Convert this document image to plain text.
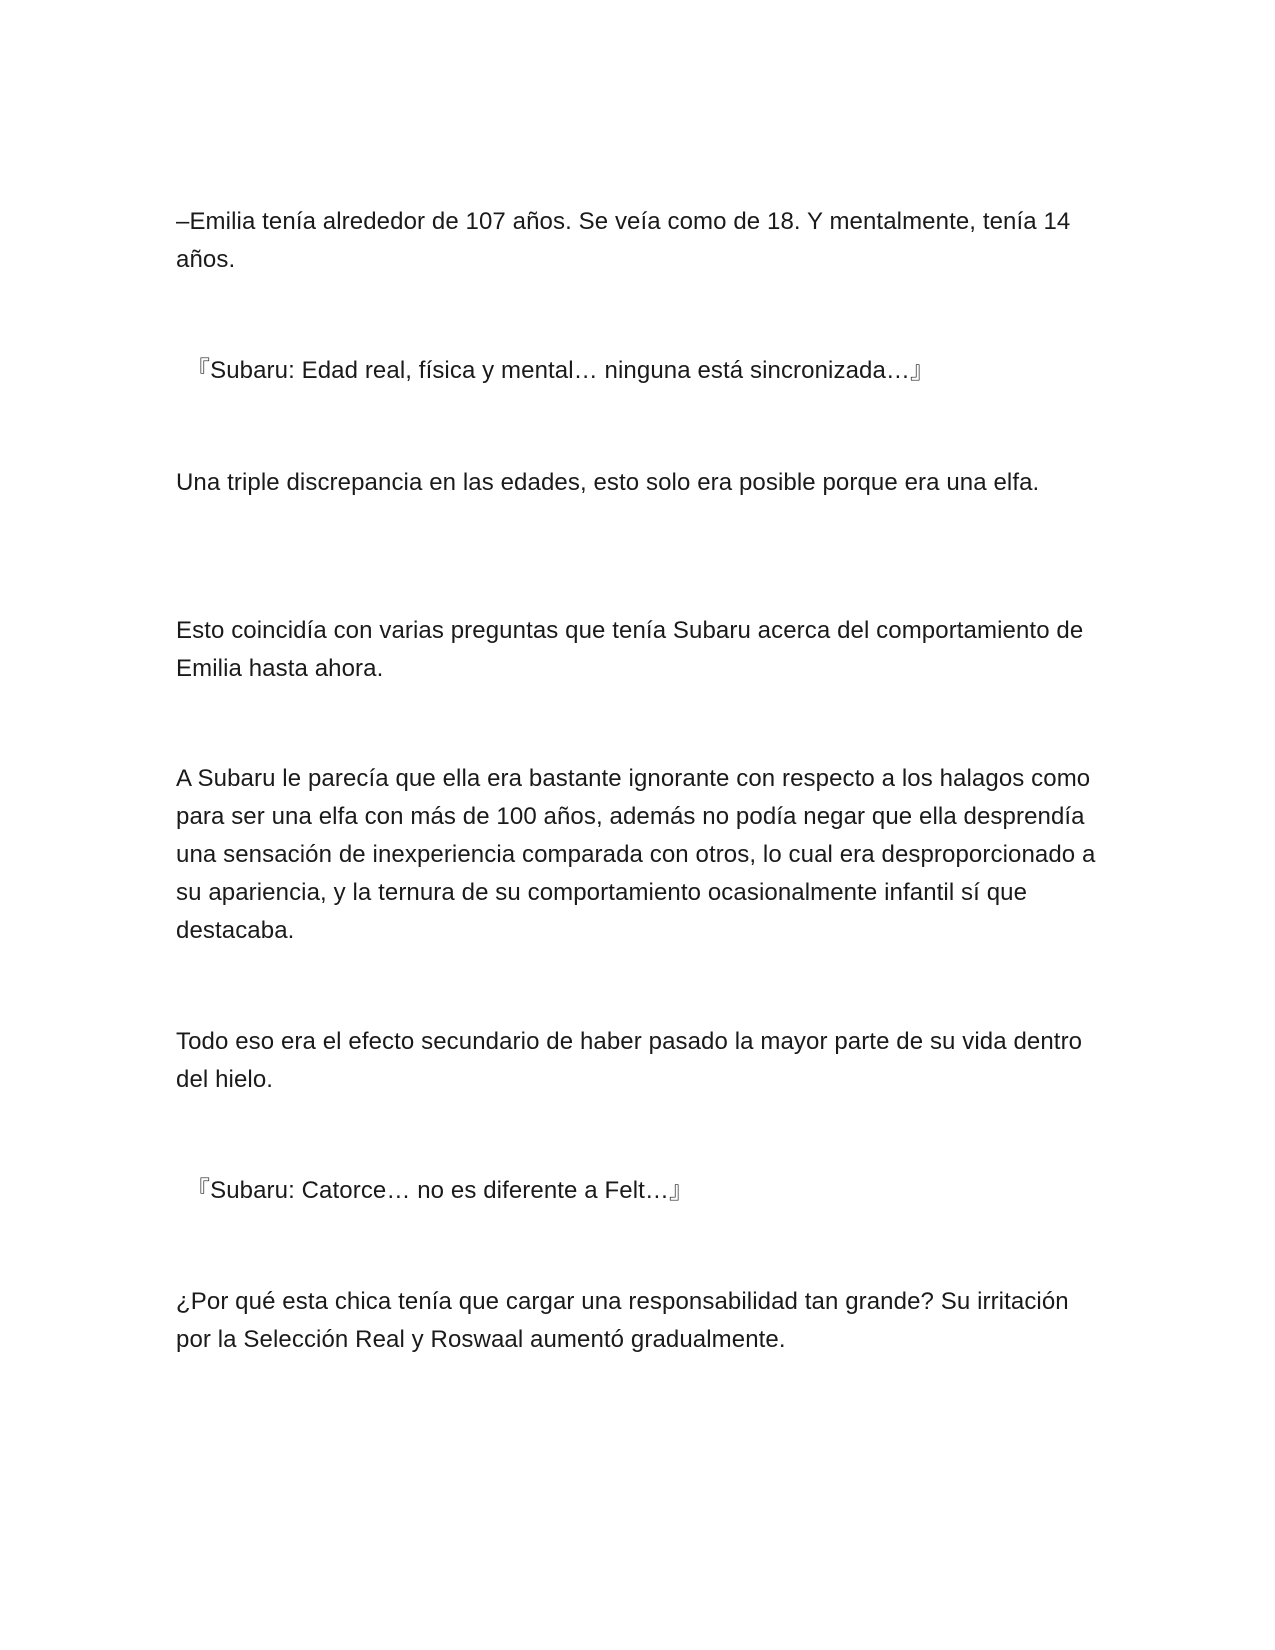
–Emilia tenía alrededor de 107 años. Se veía como de 18. Y mentalmente, tenía 14 años.

『Subaru: Edad real, física y mental… ninguna está sincronizada…』

Una triple discrepancia en las edades, esto solo era posible porque era una elfa.

Esto coincidía con varias preguntas que tenía Subaru acerca del comportamiento de Emilia hasta ahora.

A Subaru le parecía que ella era bastante ignorante con respecto a los halagos como para ser una elfa con más de 100 años, además no podía negar que ella desprendía una sensación de inexperiencia comparada con otros, lo cual era desproporcionado a su apariencia, y la ternura de su comportamiento ocasionalmente infantil sí que destacaba.

Todo eso era el efecto secundario de haber pasado la mayor parte de su vida dentro del hielo.

『Subaru: Catorce… no es diferente a Felt…』

¿Por qué esta chica tenía que cargar una responsabilidad tan grande? Su irritación por la Selección Real y Roswaal aumentó gradualmente.
